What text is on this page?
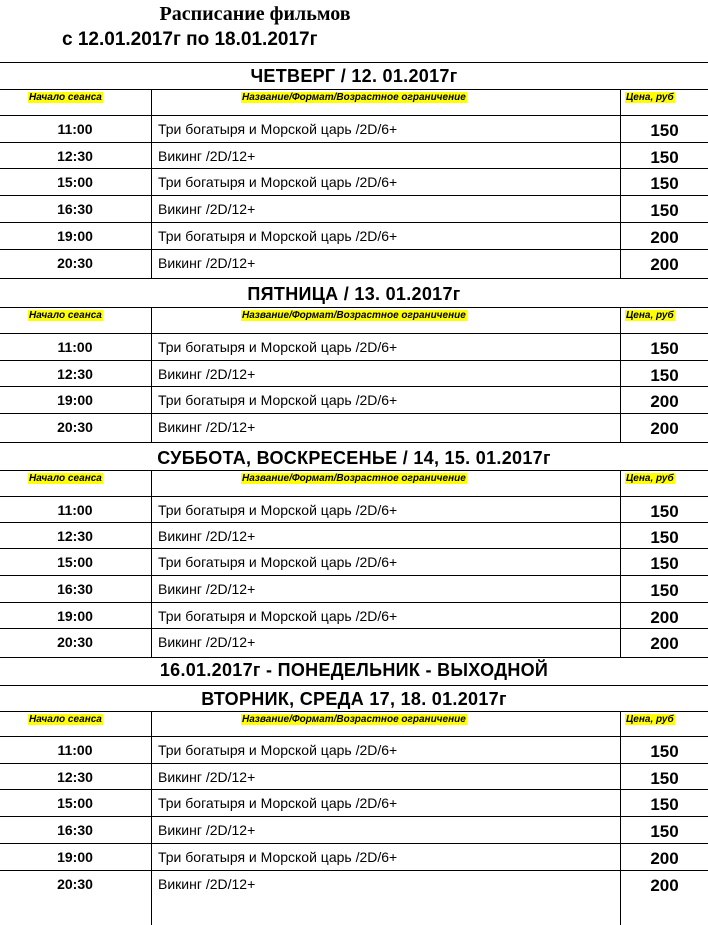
Расписание фильмов
с 12.01.2017г по 18.01.2017г
ЧЕТВЕРГ / 12. 01.2017г
Начало сеанса	Название/Формат/Возрастное ограничение	Цена, руб
11:00	Три богатыря и Морской царь /2D/6+	150
12:30	Викинг /2D/12+	150
15:00	Три богатыря и Морской царь /2D/6+	150
16:30	Викинг /2D/12+	150
19:00	Три богатыря и Морской царь /2D/6+	200
20:30	Викинг /2D/12+	200
ПЯТНИЦА / 13. 01.2017г
Начало сеанса	Название/Формат/Возрастное ограничение	Цена, руб
11:00	Три богатыря и Морской царь /2D/6+	150
12:30	Викинг /2D/12+	150
19:00	Три богатыря и Морской царь /2D/6+	200
20:30	Викинг /2D/12+	200
СУББОТА, ВОСКРЕСЕНЬЕ / 14, 15. 01.2017г
Начало сеанса	Название/Формат/Возрастное ограничение	Цена, руб
11:00	Три богатыря и Морской царь /2D/6+	150
12:30	Викинг /2D/12+	150
15:00	Три богатыря и Морской царь /2D/6+	150
16:30	Викинг /2D/12+	150
19:00	Три богатыря и Морской царь /2D/6+	200
20:30	Викинг /2D/12+	200
16.01.2017г - ПОНЕДЕЛЬНИК - ВЫХОДНОЙ
ВТОРНИК, СРЕДА 17, 18. 01.2017г
Начало сеанса	Название/Формат/Возрастное ограничение	Цена, руб
11:00	Три богатыря и Морской царь /2D/6+	150
12:30	Викинг /2D/12+	150
15:00	Три богатыря и Морской царь /2D/6+	150
16:30	Викинг /2D/12+	150
19:00	Три богатыря и Морской царь /2D/6+	200
20:30	Викинг /2D/12+	200
